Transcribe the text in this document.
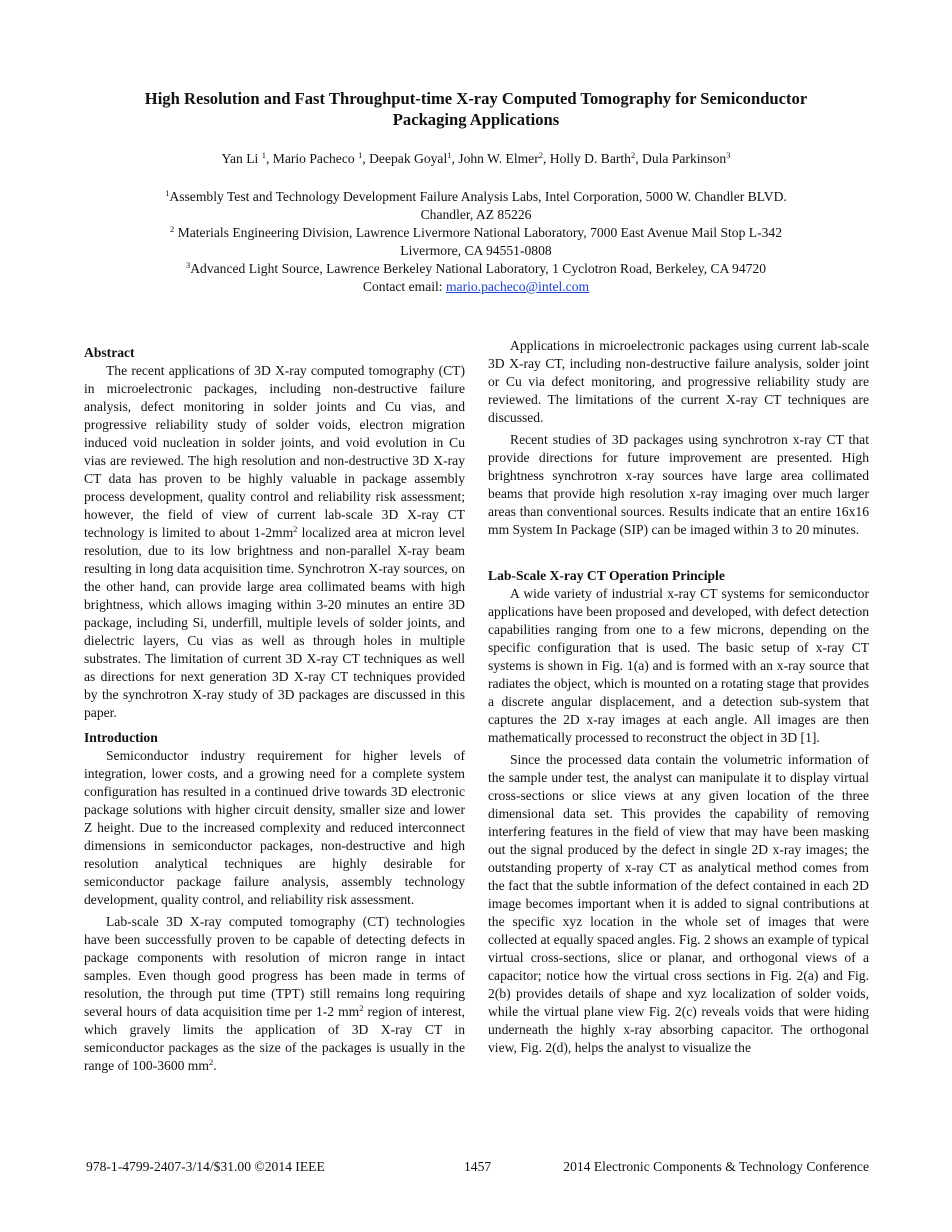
High Resolution and Fast Throughput-time X-ray Computed Tomography for Semiconductor
Packaging Applications
Yan Li $^1$, Mario Pacheco $^1$, Deepak Goyal$^1$, John W. Elmer$^2$, Holly D. Barth$^2$, Dula Parkinson$^3$
$^1$Assembly Test and Technology Development Failure Analysis Labs, Intel Corporation, 5000 W. Chandler BLVD.
Chandler, AZ 85226
$^2$ Materials Engineering Division, Lawrence Livermore National Laboratory, 7000 East Avenue Mail Stop L-342
Livermore, CA 94551-0808
$^3$Advanced Light Source, Lawrence Berkeley National Laboratory, 1 Cyclotron Road, Berkeley, CA 94720
Contact email: mario.pacheco@intel.com
Abstract

The recent applications of 3D X-ray computed tomography (CT) in microelectronic packages, including non-destructive failure analysis, defect monitoring in solder joints and Cu vias, and progressive reliability study of solder voids, electron migration induced void nucleation in solder joints, and void evolution in Cu vias are reviewed. The high resolution and non-destructive 3D X-ray CT data has proven to be highly valuable in package assembly process development, quality control and reliability risk assessment; however, the field of view of current lab-scale 3D X-ray CT technology is limited to about $1-2mm^2$ localized area at micron level resolution, due to its low brightness and non-parallel X-ray beam resulting in long data acquisition time. Synchrotron X-ray sources, on the other hand, can provide large area collimated beams with high brightness, which allows imaging within 3-20 minutes an entire 3D package, including Si, underfill, multiple levels of solder joints, and dielectric layers, Cu vias as well as through holes in multiple substrates. The limitation of current 3D X-ray CT techniques as well as directions for next generation 3D X-ray CT techniques provided by the synchrotron X-ray study of 3D packages are discussed in this paper.

Introduction

Semiconductor industry requirement for higher levels of integration, lower costs, and a growing need for a complete system configuration has resulted in a continued drive towards 3D electronic package solutions with higher circuit density, smaller size and lower Z height. Due to the increased complexity and reduced interconnect dimensions in semiconductor packages, non-destructive and high resolution analytical techniques are highly desirable for semiconductor package failure analysis, assembly technology development, quality control, and reliability risk assessment.

Lab-scale 3D X-ray computed tomography (CT) technologies have been successfully proven to be capable of detecting defects in package components with resolution of micron range in intact samples. Even though good progress has been made in terms of resolution, the through put time (TPT) still remains long requiring several hours of data acquisition time per 1-2 $mm^2$ region of interest, which gravely limits the application of 3D X-ray CT in semiconductor packages as the size of the packages is usually in the range of 100-3600 $mm^2$.

Applications in microelectronic packages using current lab-scale 3D X-ray CT, including non-destructive failure analysis, solder joint or Cu via defect monitoring, and progressive reliability study are reviewed. The limitations of the current X-ray CT techniques are discussed.

Recent studies of 3D packages using synchrotron x-ray CT that provide directions for future improvement are presented. High brightness synchrotron x-ray sources have large area collimated beams that provide high resolution x-ray imaging over much larger areas than conventional sources. Results indicate that an entire 16x16 mm System In Package (SIP) can be imaged within 3 to 20 minutes.

Lab-Scale X-ray CT Operation Principle

A wide variety of industrial x-ray CT systems for semiconductor applications have been proposed and developed, with defect detection capabilities ranging from one to a few microns, depending on the specific configuration that is used. The basic setup of x-ray CT systems is shown in Fig. 1(a) and is formed with an x-ray source that radiates the object, which is mounted on a rotating stage that provides a discrete angular displacement, and a detection sub-system that captures the 2D x-ray images at each angle. All images are then mathematically processed to reconstruct the object in 3D [1].

Since the processed data contain the volumetric information of the sample under test, the analyst can manipulate it to display virtual cross-sections or slice views at any given location of the three dimensional data set. This provides the capability of removing interfering features in the field of view that may have been masking out the signal produced by the defect in single 2D x-ray images; the outstanding property of x-ray CT as analytical method comes from the fact that the subtle information of the defect contained in each 2D image becomes important when it is added to signal contributions at the specific xyz location in the whole set of images that were collected at equally spaced angles. Fig. 2 shows an example of typical virtual cross-sections, slice or planar, and orthogonal views of a capacitor; notice how the virtual cross sections in Fig. 2(a) and Fig. 2(b) provides details of shape and xyz localization of solder voids, while the virtual plane view Fig. 2(c) reveals voids that were hiding underneath the highly x-ray absorbing capacitor. The orthogonal view, Fig. 2(d), helps the analyst to visualize the

978-1-4799-2407-3/14/$31.00 ©2014 IEEE	1457	2014 Electronic Components & Technology Conference
